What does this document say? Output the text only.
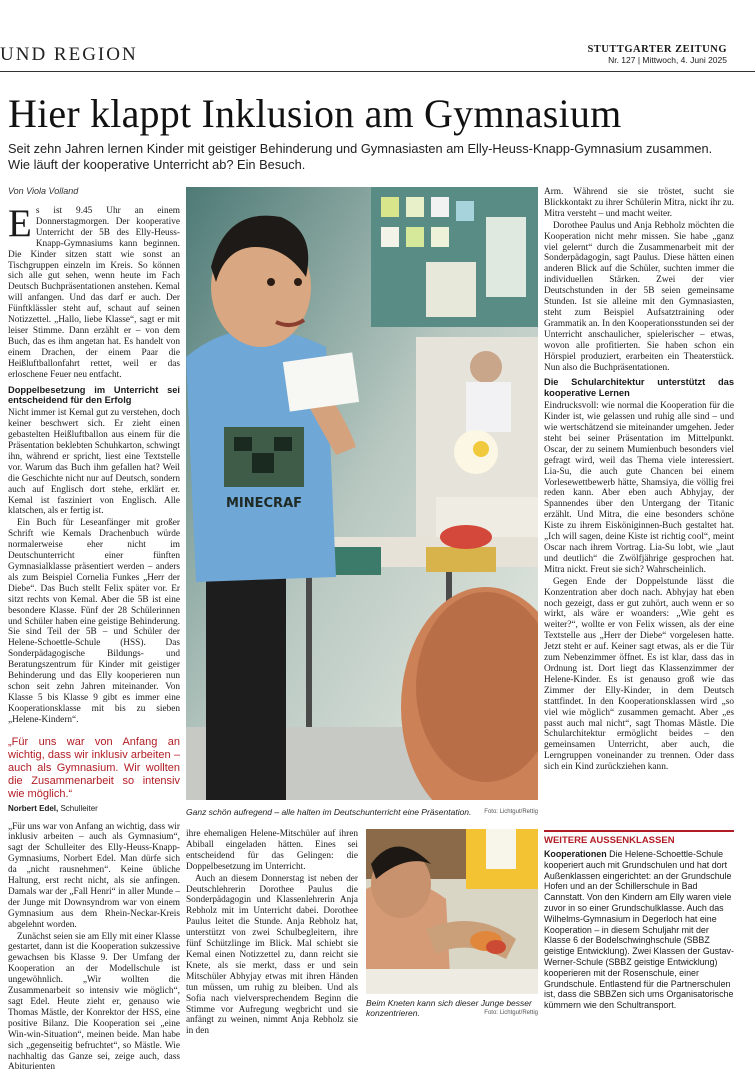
UND REGION	STUTTGARTER ZEITUNG
Nr. 127 | Mittwoch, 4. Juni 2025
Hier klappt Inklusion am Gymnasium
Seit zehn Jahren lernen Kinder mit geistiger Behinderung und Gymnasiasten am Elly-Heuss-Knapp-Gymnasium zusammen. Wie läuft der kooperative Unterricht ab? Ein Besuch.
Von Viola Volland

Es ist 9.45 Uhr an einem Donnerstagmorgen. Der kooperative Unterricht der 5B des Elly-Heuss-Knapp-Gymnasiums kann beginnen. Die Kinder sitzen statt wie sonst an Tischgruppen einzeln im Kreis. So können sich alle gut sehen, wenn heute im Fach Deutsch Buchpräsentationen anstehen. Kemal will anfangen. Und das darf er auch. Der Fünftklässler steht auf, schaut auf seinen Notizzettel. „Hallo, liebe Klasse“, sagt er mit leiser Stimme. Dann erzählt er – von dem Buch, das es ihm angetan hat. Es handelt von einem Drachen, der einem Paar die Heißluftballonfahrt rettet, weil er das erloschene Feuer neu entfacht.

Doppelbesetzung im Unterricht sei entscheidend für den Erfolg

Nicht immer ist Kemal gut zu verstehen, doch keiner beschwert sich. Er zieht einen gebastelten Heißluftballon aus einem für die Präsentation beklebten Schuhkarton, schwingt ihn, während er spricht, liest eine Textstelle vor. Warum das Buch ihm gefallen hat? Weil die Geschichte nicht nur auf Deutsch, sondern auch auf Englisch dort stehe, erklärt er. Kemal ist fasziniert von Englisch. Alle klatschen, als er fertig ist.

Ein Buch für Leseanfänger mit großer Schrift wie Kemals Drachenbuch würde normalerweise eher nicht im Deutschunterricht einer fünften Gymnasialklasse präsentiert werden – anders als zum Beispiel Cornelia Funkes „Herr der Diebe“. Das Buch stellt Felix später vor. Er sitzt rechts von Kemal. Aber die 5B ist eine besondere Klasse. Fünf der 28 Schülerinnen und Schüler haben eine geistige Behinderung. Sie sind Teil der 5B – und Schüler der Helene-Schoettle-Schule (HSS). Das Sonderpädagogische Bildungs- und Beratungszentrum für Kinder mit geistiger Behinderung und das Elly kooperieren nun schon seit zehn Jahren miteinander. Von Klasse 5 bis Klasse 9 gibt es immer eine Kooperationsklasse mit bis zu sieben „Helene-Kindern“.

„Für uns war von Anfang an wichtig, dass wir inklusiv arbeiten – auch als Gymnasium. Wir wollten die Zusammenarbeit so intensiv wie möglich.“
Norbert Edel, Schulleiter

„Für uns war von Anfang an wichtig, dass wir inklusiv arbeiten – auch als Gymnasium“, sagt der Schulleiter des Elly-Heuss-Knapp-Gymnasiums, Norbert Edel. Man dürfe sich da „nicht rausnehmen“. Keine übliche Haltung, erst recht nicht, als sie anfingen. Damals war der „Fall Henri“ in aller Munde – der Junge mit Downsyndrom war von einem Gymnasium aus dem Rhein-Neckar-Kreis abgelehnt worden.

Zunächst seien sie am Elly mit einer Klasse gestartet, dann ist die Kooperation sukzessive gewachsen bis Klasse 9. Der Umfang der Kooperation an der Modellschule ist ungewöhnlich. „Wir wollten die Zusammenarbeit so intensiv wie möglich“, sagt Edel. Heute zieht er, genauso wie Thomas Mästle, der Konrektor der HSS, eine positive Bilanz. Die Kooperation sei „eine Win-win-Situation“, meinen beide. Man habe sich „gegenseitig befruchtet“, so Mästle. Wie nachhaltig das Ganze sei, zeige auch, dass Abiturienten

MINECRAF
Ganz schön aufregend – alle halten im Deutschunterricht eine Präsentation. Foto: Lichtgut/Rettig

ihre ehemaligen Helene-Mitschüler auf ihren Abiball eingeladen hätten. Eines sei entscheidend für das Gelingen: die Doppelbesetzung im Unterricht.

Auch an diesem Donnerstag ist neben der Deutschlehrerin Dorothee Paulus die Sonderpädagogin und Klassenlehrerin Anja Rebholz mit im Unterricht dabei. Dorothee Paulus leitet die Stunde. Anja Rebholz hat, unterstützt von zwei Schulbegleitern, ihre fünf Schützlinge im Blick. Mal schiebt sie Kemal einen Notizzettel zu, dann reicht sie Knete, als sie merkt, dass er und sein Mitschüler Abhyjay etwas mit ihren Händen tun müssen, um ruhig zu bleiben. Und als Sofia nach vielversprechendem Beginn die Stimme vor Aufregung wegbricht und sie anfängt zu weinen, nimmt Anja Rebholz sie in den

Beim Kneten kann sich dieser Junge besser konzentrieren.	Foto: Lichtgut/Rettig

Arm. Während sie sie tröstet, sucht sie Blickkontakt zu ihrer Schülerin Mitra, nickt ihr zu. Mitra versteht – und macht weiter.

Dorothee Paulus und Anja Rebholz möchten die Kooperation nicht mehr missen. Sie habe „ganz viel gelernt“ durch die Zusammenarbeit mit der Sonderpädagogin, sagt Paulus. Diese hätten einen anderen Blick auf die Schüler, suchten immer die individuellen Stärken. Zwei der vier Deutschstunden in der 5B seien gemeinsame Stunden. Ist sie alleine mit den Gymnasiasten, steht zum Beispiel Aufsatztraining oder Grammatik an. In den Kooperationsstunden sei der Unterricht anschaulicher, spielerischer – etwas, wovon alle profitierten. Sie haben schon ein Hörspiel produziert, erarbeiten ein Theaterstück. Nun also die Buchpräsentationen.

Die Schularchitektur unterstützt das kooperative Lernen

Eindrucksvoll: wie normal die Kooperation für die Kinder ist, wie gelassen und ruhig alle sind – und wie wertschätzend sie miteinander umgehen. Jeder steht bei seiner Präsentation im Mittelpunkt. Oscar, der zu seinem Mumienbuch besonders viel gefragt wird, weil das Thema viele interessiert. Lia-Su, die auch gute Chancen bei einem Vorlesewettbewerb hätte, Shamsiya, die völlig frei reden kann. Aber eben auch Abhyjay, der Spannendes über den Untergang der Titanic erzählt. Und Mitra, die eine besonders schöne Kiste zu ihrem Eisköniginnen-Buch gestaltet hat. „Ich will sagen, deine Kiste ist richtig cool“, meint Oscar nach ihrem Vortrag. Lia-Su lobt, wie „laut und deutlich“ die Zwölfjährige gesprochen hat. Mitra nickt. Freut sie sich? Wahrscheinlich.

Gegen Ende der Doppelstunde lässt die Konzentration aber doch nach. Abhyjay hat eben noch gezeigt, dass er gut zuhört, auch wenn er so wirkt, als wäre er woanders: „Wie geht es weiter?“, wollte er von Felix wissen, als der eine Textstelle aus „Herr der Diebe“ vorgelesen hatte. Jetzt steht er auf. Keiner sagt etwas, als er die Tür zum Nebenzimmer öffnet. Es ist klar, dass das in Ordnung ist. Dort liegt das Klassenzimmer der Helene-Kinder. Es ist genauso groß wie das Zimmer der Elly-Kinder, in dem Deutsch stattfindet. In den Kooperationsklassen wird „so viel wie möglich“ zusammen gemacht. Aber „es passt auch mal nicht“, sagt Thomas Mästle. Die Schularchitektur ermöglicht beides – den gemeinsamen Unterricht, aber auch, die Lerngruppen voneinander zu trennen. Oder dass sich ein Kind zurückziehen kann.

WEITERE AUSSENKLASSEN
Kooperationen Die Helene-Schoettle-Schule kooperiert auch mit Grundschulen und hat dort Außenklassen eingerichtet: an der Grundschule Hofen und an der Schillerschule in Bad Cannstatt. Von den Kindern am Elly waren viele zuvor in so einer Grundschulklasse. Auch das Wilhelms-Gymnasium in Degerloch hat eine Kooperation – in diesem Schuljahr mit der Klasse 6 der Bodelschwinghschule (SBBZ geistige Entwicklung). Zwei Klassen der Gustav-Werner-Schule (SBBZ geistige Entwicklung) kooperieren mit der Rosenschule, einer Grundschule. Entlastend für die Partnerschulen ist, dass die SBBZen sich ums Organisatorische kümmern wie den Schultransport.
